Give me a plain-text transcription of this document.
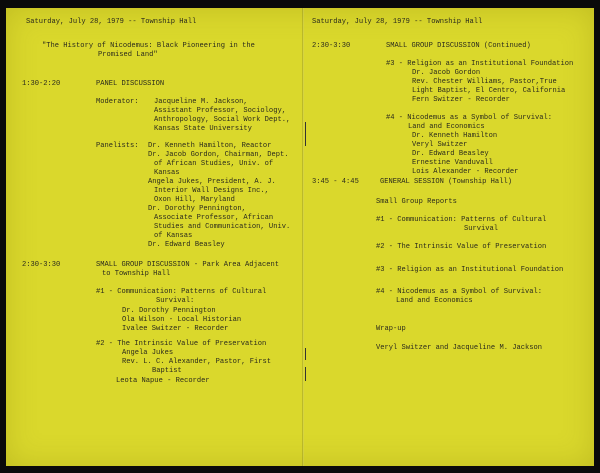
Saturday, July 28, 1979 -- Township Hall
"The History of Nicodemus: Black Pioneering in the
Promised Land"
1:30-2:20	PANEL DISCUSSION
Moderator: Jacqueline M. Jackson,
Assistant Professor, Sociology,
Anthropology, Social Work Dept.,
Kansas State University
Panelists: Dr. Kenneth Hamilton, Reactor
Dr. Jacob Gordon, Chairman, Dept.
of African Studies, Univ. of
Kansas
Angela Jukes, President, A. J.
Interior Wall Designs Inc.,
Oxon Hill, Maryland
Dr. Dorothy Pennington,
Associate Professor, African
Studies and Communication, Univ.
of Kansas
Dr. Edward Beasley
2:30-3:30	SMALL GROUP DISCUSSION - Park Area Adjacent
to Township Hall
#1 - Communication: Patterns of Cultural
Survival:
Dr. Dorothy Pennington
Ola Wilson - Local Historian
Ivalee Switzer - Recorder
#2 - The Intrinsic Value of Preservation
Angela Jukes
Rev. L. C. Alexander, Pastor, First
Baptist
Leota Napue - Recorder
Saturday, July 28, 1979 -- Township Hall
2:30-3:30	SMALL GROUP DISCUSSION (Continued)
#3 - Religion as an Institutional Foundation
Dr. Jacob Gordon
Rev. Chester Williams, Pastor,True
Light Baptist, El Centro, California
Fern Switzer - Recorder
#4 - Nicodemus as a Symbol of Survival:
Land and Economics
Dr. Kenneth Hamilton
Veryl Switzer
Dr. Edward Beasley
Ernestine Vanduvall
Lois Alexander - Recorder
3:45 - 4:45	GENERAL SESSION (Township Hall)
Small Group Reports
#1 - Communication: Patterns of Cultural
Survival
#2 - The Intrinsic Value of Preservation
#3 - Religion as an Institutional Foundation
#4 - Nicodemus as a Symbol of Survival:
Land and Economics
Wrap-up
Veryl Switzer and Jacqueline M. Jackson
